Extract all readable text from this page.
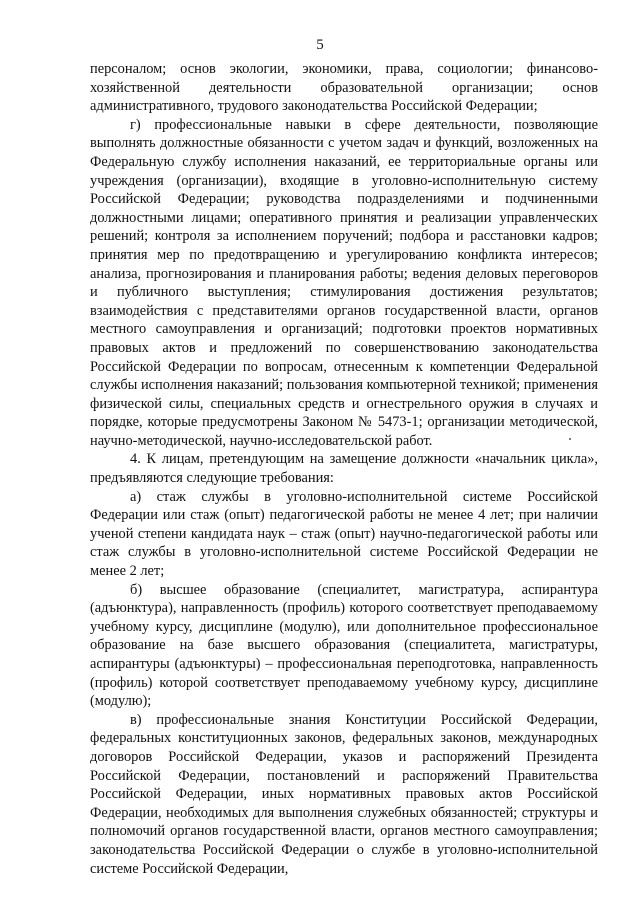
5

персоналом; основ экологии, экономики, права, социологии; финансово-хозяйственной деятельности образовательной организации; основ административного, трудового законодательства Российской Федерации;

г) профессиональные навыки в сфере деятельности, позволяющие выполнять должностные обязанности с учетом задач и функций, возложенных на Федеральную службу исполнения наказаний, ее территориальные органы или учреждения (организации), входящие в уголовно-исполнительную систему Российской Федерации; руководства подразделениями и подчиненными должностными лицами; оперативного принятия и реализации управленческих решений; контроля за исполнением поручений; подбора и расстановки кадров; принятия мер по предотвращению и урегулированию конфликта интересов; анализа, прогнозирования и планирования работы; ведения деловых переговоров и публичного выступления; стимулирования достижения результатов; взаимодействия с представителями органов государственной власти, органов местного самоуправления и организаций; подготовки проектов нормативных правовых актов и предложений по совершенствованию законодательства Российской Федерации по вопросам, отнесенным к компетенции Федеральной службы исполнения наказаний; пользования компьютерной техникой; применения физической силы, специальных средств и огнестрельного оружия в случаях и порядке, которые предусмотрены Законом № 5473-1; организации методической, научно-методической, научно-исследовательской работ.

4. К лицам, претендующим на замещение должности «начальник цикла», предъявляются следующие требования:

а) стаж службы в уголовно-исполнительной системе Российской Федерации или стаж (опыт) педагогической работы не менее 4 лет; при наличии ученой степени кандидата наук – стаж (опыт) научно-педагогической работы или стаж службы в уголовно-исполнительной системе Российской Федерации не менее 2 лет;

б) высшее образование (специалитет, магистратура, аспирантура (адъюнктура), направленность (профиль) которого соответствует преподаваемому учебному курсу, дисциплине (модулю), или дополнительное профессиональное образование на базе высшего образования (специалитета, магистратуры, аспирантуры (адъюнктуры) – профессиональная переподготовка, направленность (профиль) которой соответствует преподаваемому учебному курсу, дисциплине (модулю);

в) профессиональные знания Конституции Российской Федерации, федеральных конституционных законов, федеральных законов, международных договоров Российской Федерации, указов и распоряжений Президента Российской Федерации, постановлений и распоряжений Правительства Российской Федерации, иных нормативных правовых актов Российской Федерации, необходимых для выполнения служебных обязанностей; структуры и полномочий органов государственной власти, органов местного самоуправления; законодательства Российской Федерации о службе в уголовно-исполнительной системе Российской Федерации,
